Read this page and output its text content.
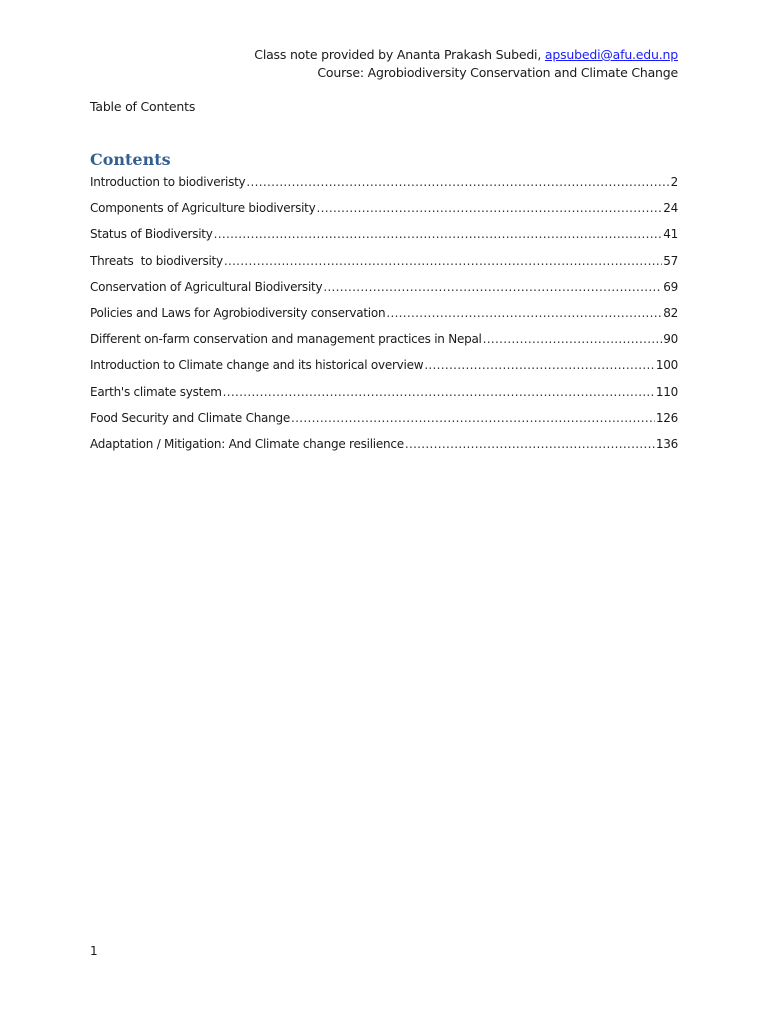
Class note provided by Ananta Prakash Subedi, apsubedi@afu.edu.np
Course: Agrobiodiversity Conservation and Climate Change
Table of Contents
Contents
Introduction to biodiveristy .....	2
Components of Agriculture biodiversity .....	24
Status of Biodiversity .....	41
Threats  to biodiversity .....	57
Conservation of Agricultural Biodiversity .....	69
Policies and Laws for Agrobiodiversity conservation .....	82
Different on-farm conservation and management practices in Nepal .....	90
Introduction to Climate change and its historical overview .....	100
Earth's climate system .....	110
Food Security and Climate Change .....	126
Adaptation / Mitigation: And Climate change resilience .....	136
1
